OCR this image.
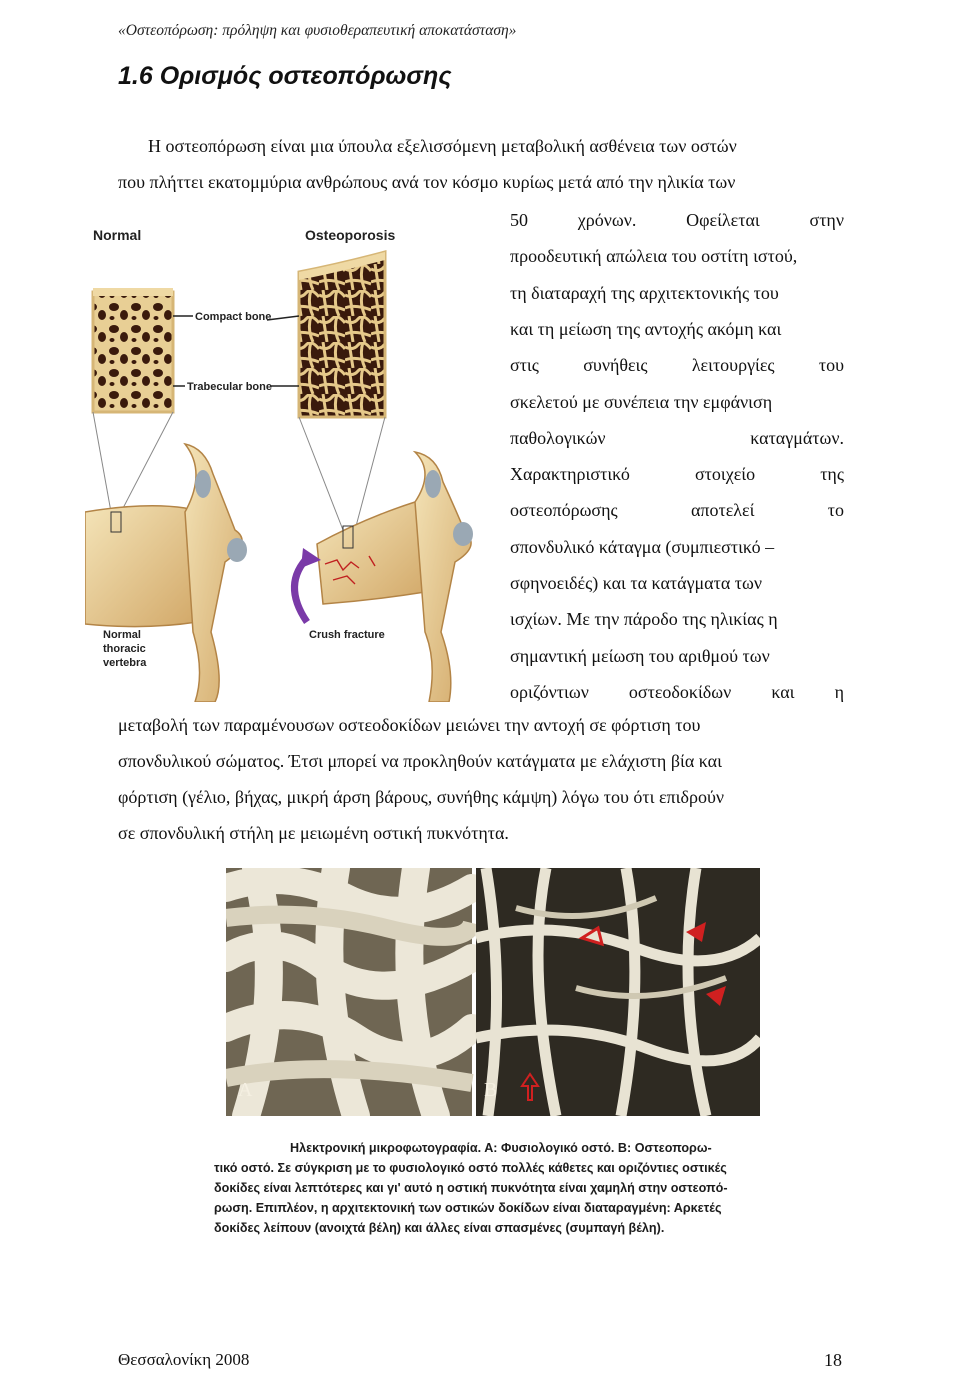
«Οστεοπόρωση: πρόληψη και φυσιοθεραπευτική αποκατάσταση»
1.6 Ορισμός οστεοπόρωσης
Η οστεοπόρωση είναι μια ύπουλα εξελισσόμενη μεταβολική ασθένεια των οστών
που πλήττει εκατομμύρια ανθρώπους ανά τον κόσμο κυρίως μετά από την ηλικία των
50	χρόνων.	Οφείλεται	στην
προοδευτική απώλεια του οστίτη ιστού,
τη διαταραχή της αρχιτεκτονικής του
και τη μείωση της αντοχής ακόμη και
στις συνήθεις λειτουργίες του
σκελετού με συνέπεια την εμφάνιση
παθολογικών	καταγμάτων.
Χαρακτηριστικό	στοιχείο	της
οστεοπόρωσης	αποτελεί	το
σπονδυλικό κάταγμα (συμπιεστικό –
σφηνοειδές) και τα κατάγματα των
ισχίων. Με την πάροδο της ηλικίας η
σημαντική μείωση του αριθμού των
οριζόντιων οστεοδοκίδων και η
μεταβολή των παραμένουσων οστεοδοκίδων μειώνει την αντοχή σε φόρτιση του
σπονδυλικού σώματος. Έτσι μπορεί να προκληθούν κατάγματα με ελάχιστη βία και
φόρτιση (γέλιο, βήχας, μικρή άρση βάρους, συνήθης κάμψη) λόγω του ότι επιδρούν
σε σπονδυλική στήλη με μειωμένη οστική πυκνότητα.
Normal	Osteoporosis
Compact bone
Trabecular bone
Normal
thoracic
vertebra
Crush fracture
A	B
Ηλεκτρονική μικροφωτογραφία. Α: Φυσιολογικό οστό. Β: Οστεοπορω-
τικό οστό. Σε σύγκριση με το φυσιολογικό οστό πολλές κάθετες και οριζόντιες οστικές
δοκίδες είναι λεπτότερες και γι' αυτό η οστική πυκνότητα είναι χαμηλή στην οστεοπό-
ρωση. Επιπλέον, η αρχιτεκτονική των οστικών δοκίδων είναι διαταραγμένη: Αρκετές
δοκίδες λείπουν (ανοιχτά βέλη) και άλλες είναι σπασμένες (συμπαγή βέλη).
Θεσσαλονίκη 2008	18
